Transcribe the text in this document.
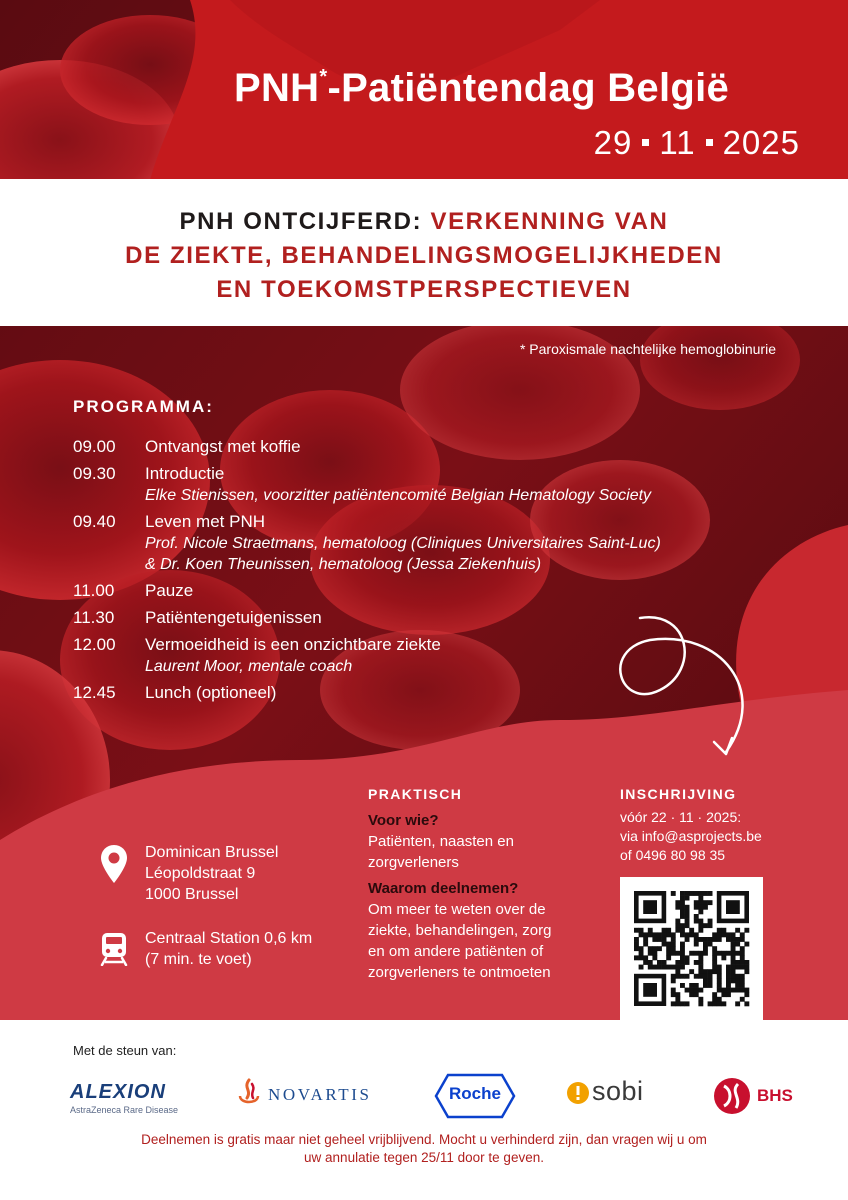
PNH*-Patiëntendag België
29 11 2025
PNH ONTCIJFERD: VERKENNING VAN
DE ZIEKTE, BEHANDELINGSMOGELIJKHEDEN
EN TOEKOMSTPERSPECTIEVEN
* Paroxismale nachtelijke hemoglobinurie
PROGRAMMA:
09.00	Ontvangst met koffie
09.30	Introductie
Elke Stienissen, voorzitter patiëntencomité Belgian Hematology Society
09.40	Leven met PNH
Prof. Nicole Straetmans, hematoloog (Cliniques Universitaires Saint-Luc)
& Dr. Koen Theunissen, hematoloog (Jessa Ziekenhuis)
11.00	Pauze
11.30	Patiëntengetuigenissen
12.00	Vermoeidheid is een onzichtbare ziekte
Laurent Moor, mentale coach
12.45	Lunch (optioneel)
Dominican Brussel
Léopoldstraat 9
1000 Brussel
Centraal Station 0,6 km
(7 min. te voet)
PRAKTISCH
Voor wie?
Patiënten, naasten en
zorgverleners
Waarom deelnemen?
Om meer te weten over de
ziekte, behandelingen, zorg
en om andere patiënten of
zorgverleners te ontmoeten
INSCHRIJVING
vóór 22 · 11 · 2025:
via info@asprojects.be
of 0496 80 98 35
Met de steun van:
ALEXION
AstraZeneca Rare Disease
NOVARTIS	Roche	sobi	BHS
Deelnemen is gratis maar niet geheel vrijblijvend. Mocht u verhinderd zijn, dan vragen wij u om
uw annulatie tegen 25/11 door te geven.
